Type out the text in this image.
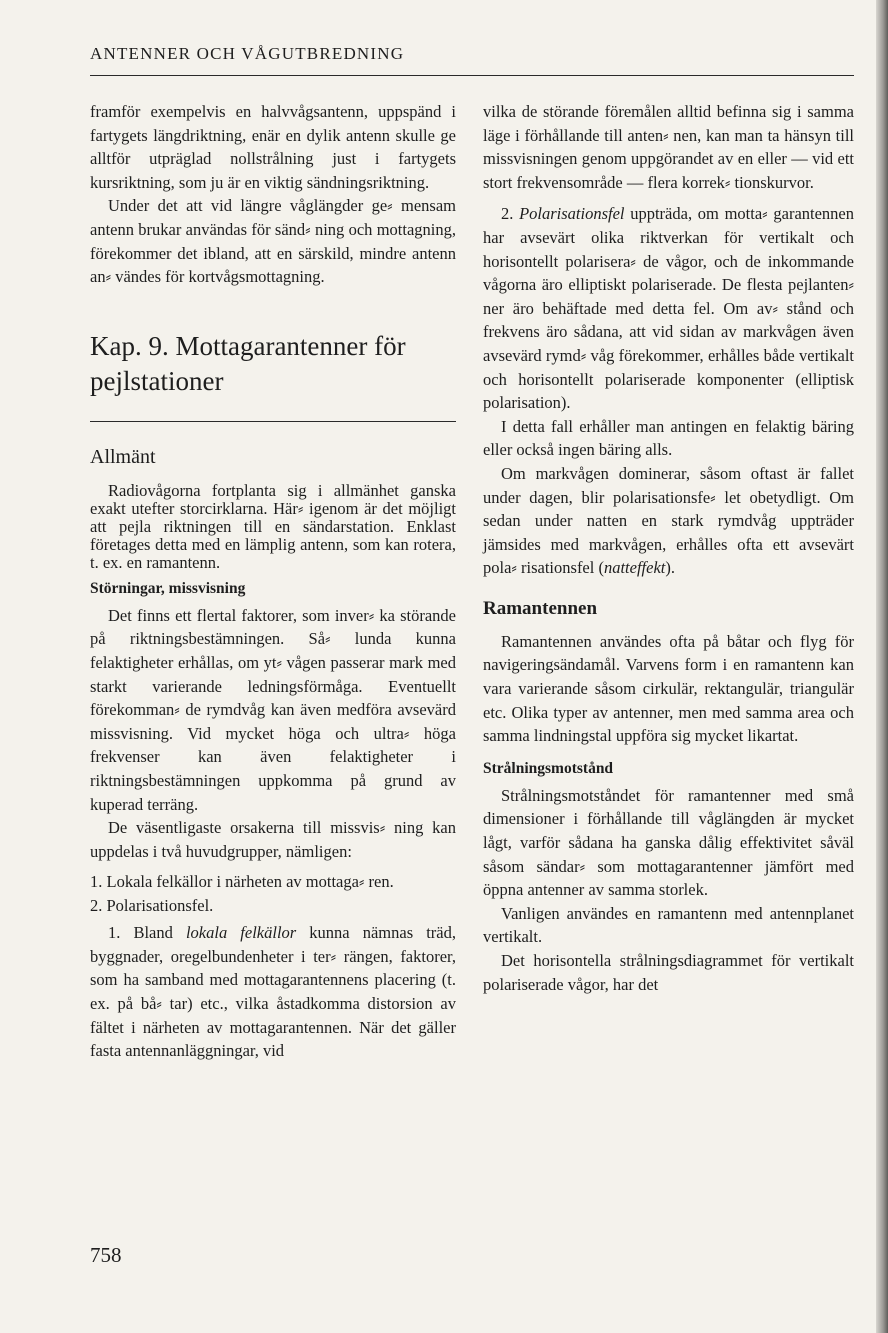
ANTENNER OCH VÅGUTBREDNING

framför exempelvis en halvvågsantenn, uppspänd i fartygets längdriktning, enär en dylik antenn skulle ge alltför utpräglad nollstrålning just i fartygets kursriktning, som ju är en viktig sändningsriktning.

Under det att vid längre våglängder ge⸗ mensam antenn brukar användas för sänd⸗ ning och mottagning, förekommer det ibland, att en särskild, mindre antenn an⸗ vändes för kortvågsmottagning.

Kap. 9. Mottagarantenner för pejlstationer
Allmänt

Radiovågorna fortplanta sig i allmänhet ganska exakt utefter storcirklarna. Här⸗ igenom är det möjligt att pejla riktningen till en sändarstation. Enklast företages detta med en lämplig antenn, som kan rotera, t. ex. en ramantenn.

Störningar, missvisning

Det finns ett flertal faktorer, som inver⸗ ka störande på riktningsbestämningen. Så⸗ lunda kunna felaktigheter erhållas, om yt⸗ vågen passerar mark med starkt varierande ledningsförmåga. Eventuellt förekomman⸗ de rymdvåg kan även medföra avsevärd missvisning. Vid mycket höga och ultra⸗ höga frekvenser kan även felaktigheter i riktningsbestämningen uppkomma på grund av kuperad terräng.

De väsentligaste orsakerna till missvis⸗ ning kan uppdelas i två huvudgrupper, nämligen:

1. Lokala felkällor i närheten av mottaga⸗ ren.
2. Polarisationsfel.

1. Bland lokala felkällor kunna nämnas träd, byggnader, oregelbundenheter i ter⸗ rängen, faktorer, som ha samband med mottagarantennens placering (t. ex. på bå⸗ tar) etc., vilka åstadkomma distorsion av fältet i närheten av mottagarantennen. När det gäller fasta antennanläggningar, vid

vilka de störande föremålen alltid befinna sig i samma läge i förhållande till anten⸗ nen, kan man ta hänsyn till missvisningen genom uppgörandet av en eller — vid ett stort frekvensområde — flera korrek⸗ tionskurvor.

2. Polarisationsfel uppträda, om motta⸗ garantennen har avsevärt olika riktverkan för vertikalt och horisontellt polarisera⸗ de vågor, och de inkommande vågorna äro elliptiskt polariserade. De flesta pejlanten⸗ ner äro behäftade med detta fel. Om av⸗ stånd och frekvens äro sådana, att vid sidan av markvågen även avsevärd rymd⸗ våg förekommer, erhålles både vertikalt och horisontellt polariserade komponenter (elliptisk polarisation).

I detta fall erhåller man antingen en felaktig bäring eller också ingen bäring alls.

Om markvågen dominerar, såsom oftast är fallet under dagen, blir polarisationsfe⸗ let obetydligt. Om sedan under natten en stark rymdvåg uppträder jämsides med markvågen, erhålles ofta ett avsevärt pola⸗ risationsfel (natteffekt).

Ramantennen

Ramantennen användes ofta på båtar och flyg för navigeringsändamål. Varvens form i en ramantenn kan vara varierande såsom cirkulär, rektangulär, triangulär etc. Olika typer av antenner, men med samma area och samma lindningstal uppföra sig mycket likartat.

Strålningsmotstånd

Strålningsmotståndet för ramantenner med små dimensioner i förhållande till våglängden är mycket lågt, varför sådana ha ganska dålig effektivitet såväl såsom sändar⸗ som mottagarantenner jämfört med öppna antenner av samma storlek.

Vanligen användes en ramantenn med antennplanet vertikalt.

Det horisontella strålningsdiagrammet för vertikalt polariserade vågor, har det

758
